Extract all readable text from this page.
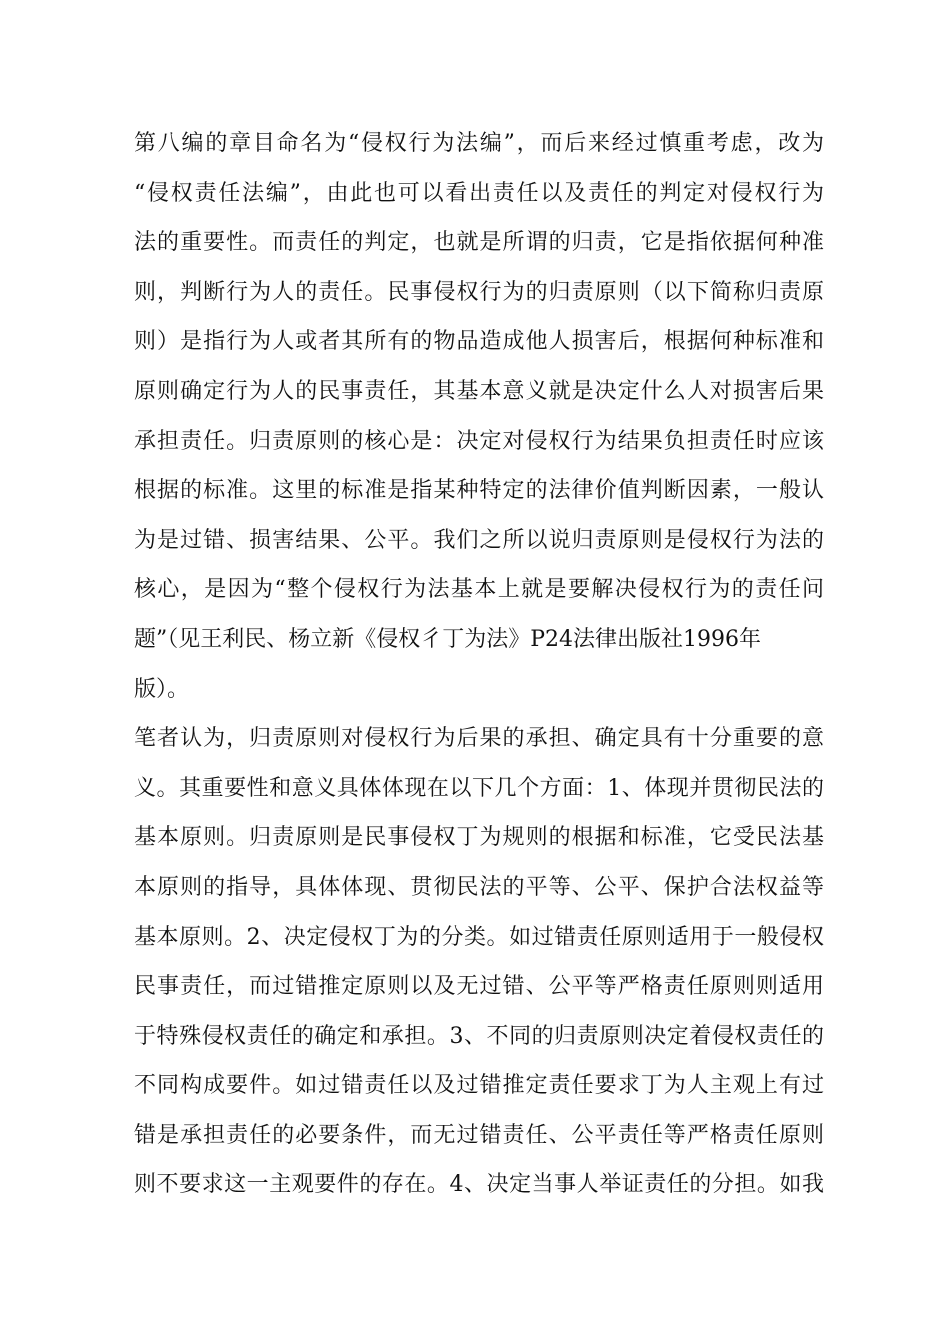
第八编的章目命名为“侵权行为法编”，而后来经过慎重考虑，改为
“侵权责任法编”，由此也可以看出责任以及责任的判定对侵权行为
法的重要性。而责任的判定，也就是所谓的归责，它是指依据何种准
则，判断行为人的责任。民事侵权行为的归责原则（以下简称归责原
则）是指行为人或者其所有的物品造成他人损害后，根据何种标准和
原则确定行为人的民事责任，其基本意义就是决定什么人对损害后果
承担责任。归责原则的核心是：决定对侵权行为结果负担责任时应该
根据的标准。这里的标准是指某种特定的法律价值判断因素，一般认
为是过错、损害结果、公平。我们之所以说归责原则是侵权行为法的
核心，是因为“整个侵权行为法基本上就是要解决侵权行为的责任问
题”（见王利民、杨立新《侵权彳丁为法》P24法律出版社1996年
版）。
笔者认为，归责原则对侵权行为后果的承担、确定具有十分重要的意
义。其重要性和意义具体体现在以下几个方面：1、体现并贯彻民法的
基本原则。归责原则是民事侵权丁为规则的根据和标准，它受民法基
本原则的指导，具体体现、贯彻民法的平等、公平、保护合法权益等
基本原则。2、决定侵权丁为的分类。如过错责任原则适用于一般侵权
民事责任，而过错推定原则以及无过错、公平等严格责任原则则适用
于特殊侵权责任的确定和承担。3、不同的归责原则决定着侵权责任的
不同构成要件。如过错责任以及过错推定责任要求丁为人主观上有过
错是承担责任的必要条件，而无过错责任、公平责任等严格责任原则
则不要求这一主观要件的存在。4、决定当事人举证责任的分担。如我
